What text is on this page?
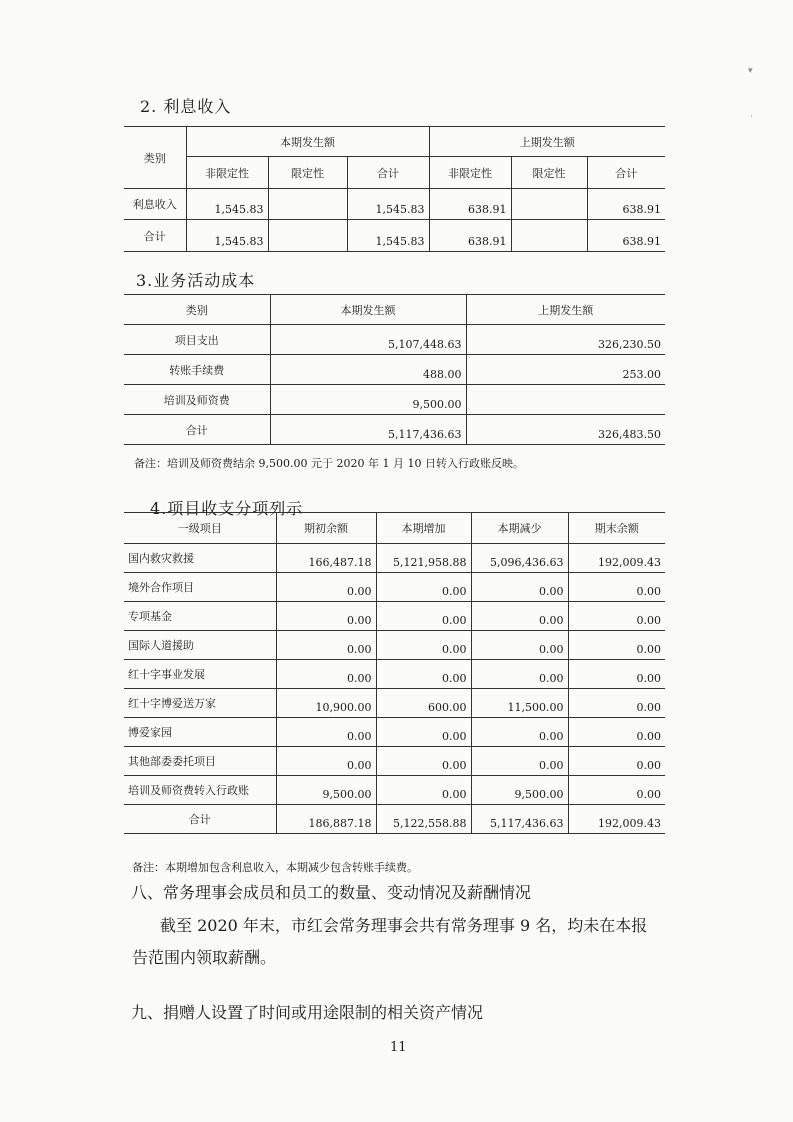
▾
·
2. 利息收入
类别	本期发生额			上期发生额		
	非限定性	限定性	合计	非限定性	限定性	合计
利息收入	1,545.83		1,545.83	638.91		638.91
合计	1,545.83		1,545.83	638.91		638.91
3.业务活动成本
类别	本期发生额	上期发生额
项目支出	5,107,448.63	326,230.50
转账手续费	488.00	253.00
培训及师资费	9,500.00	
合计	5,117,436.63	326,483.50
备注：培训及师资费结余 9,500.00 元于 2020 年 1 月 10 日转入行政账反映。
4.项目收支分项列示
一级项目	期初余额	本期增加	本期减少	期末余额
国内救灾救援	166,487.18	5,121,958.88	5,096,436.63	192,009.43
境外合作项目	0.00	0.00	0.00	0.00
专项基金	0.00	0.00	0.00	0.00
国际人道援助	0.00	0.00	0.00	0.00
红十字事业发展	0.00	0.00	0.00	0.00
红十字博爱送万家	10,900.00	600.00	11,500.00	0.00
博爱家园	0.00	0.00	0.00	0.00
其他部委委托项目	0.00	0.00	0.00	0.00
培训及师资费转入行政账	9,500.00	0.00	9,500.00	0.00
合计	186,887.18	5,122,558.88	5,117,436.63	192,009.43
备注：本期增加包含利息收入，本期减少包含转账手续费。
八、常务理事会成员和员工的数量、变动情况及薪酬情况
截至 2020 年末，市红会常务理事会共有常务理事 9 名，均未在本报告范围内领取薪酬。
九、捐赠人设置了时间或用途限制的相关资产情况
11
